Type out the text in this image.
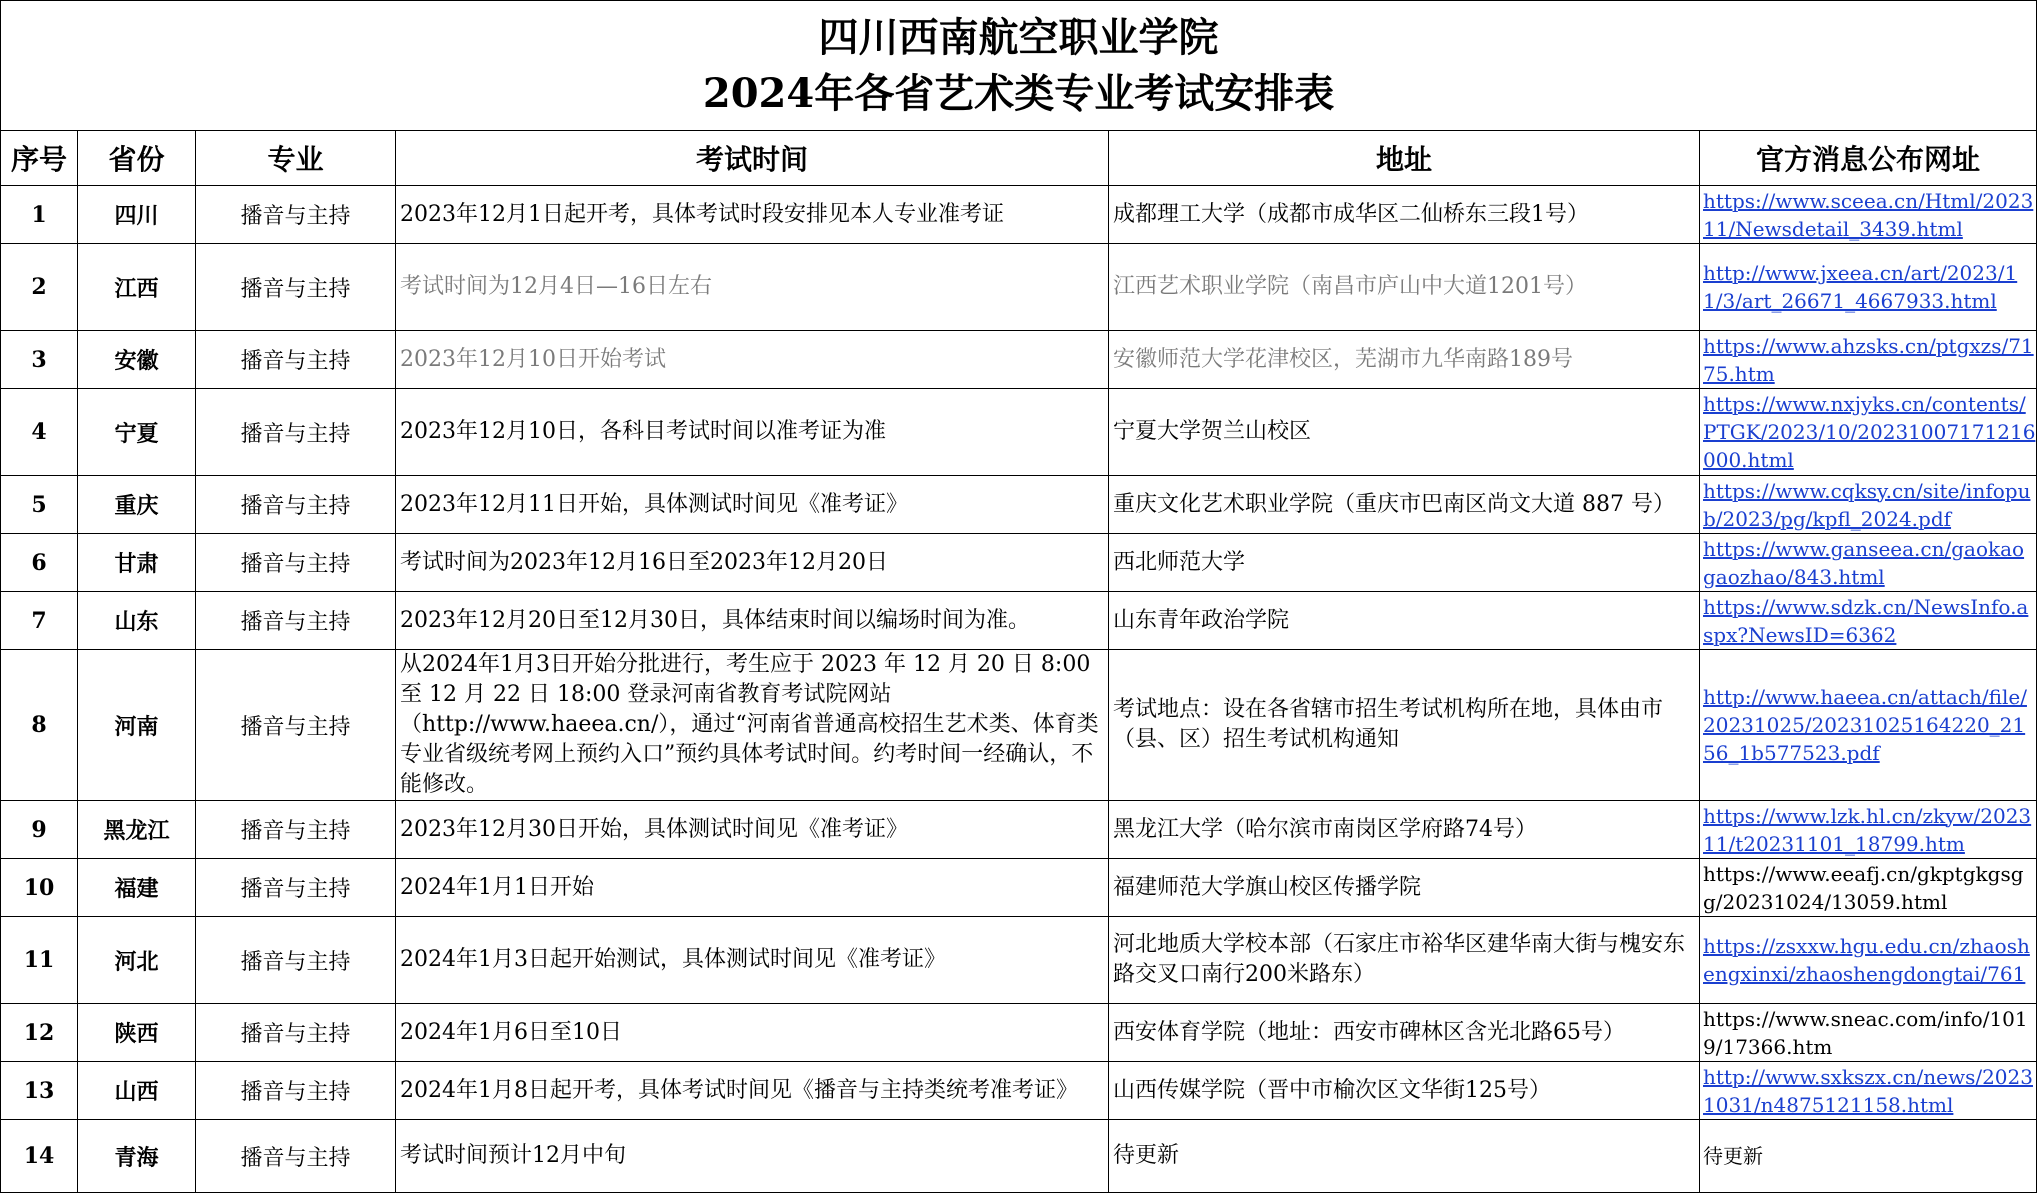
四川西南航空职业学院
2024年各省艺术类专业考试安排表					

序号	省份	专业	考试时间	地址	官方消息公布网址
1	四川	播音与主持	2023年12月1日起开考，具体考试时段安排见本人专业准考证	成都理工大学（成都市成华区二仙桥东三段1号）	https://www.sceea.cn/Html/202311/Newsdetail_3439.html
2	江西	播音与主持	考试时间为12月4日—16日左右	江西艺术职业学院（南昌市庐山中大道1201号）	http://www.jxeea.cn/art/2023/11/3/art_26671_4667933.html
3	安徽	播音与主持	2023年12月10日开始考试	安徽师范大学花津校区，芜湖市九华南路189号	https://www.ahzsks.cn/ptgxzs/7175.htm
4	宁夏	播音与主持	2023年12月10日，各科目考试时间以准考证为准	宁夏大学贺兰山校区	https://www.nxjyks.cn/contents/PTGK/2023/10/20231007171216000.html
5	重庆	播音与主持	2023年12月11日开始，具体测试时间见《准考证》	重庆文化艺术职业学院（重庆市巴南区尚文大道 887 号）	https://www.cqksy.cn/site/infopub/2023/pg/kpfl_2024.pdf
6	甘肃	播音与主持	考试时间为2023年12月16日至2023年12月20日	西北师范大学	https://www.ganseea.cn/gaokaogaozhao/843.html
7	山东	播音与主持	2023年12月20日至12月30日，具体结束时间以编场时间为准。	山东青年政治学院	https://www.sdzk.cn/NewsInfo.aspx?NewsID=6362
8	河南	播音与主持	从2024年1月3日开始分批进行，考生应于 2023 年 12 月 20 日 8:00 至 12 月 22 日 18:00 登录河南省教育考试院网站（http://www.haeea.cn/），通过“河南省普通高校招生艺术类、体育类专业省级统考网上预约入口”预约具体考试时间。约考时间一经确认，不能修改。	考试地点：设在各省辖市招生考试机构所在地，具体由市（县、区）招生考试机构通知	http://www.haeea.cn/attach/file/20231025/20231025164220_2156_1b577523.pdf
9	黑龙江	播音与主持	2023年12月30日开始，具体测试时间见《准考证》	黑龙江大学（哈尔滨市南岗区学府路74号）	https://www.lzk.hl.cn/zkyw/202311/t20231101_18799.htm
10	福建	播音与主持	2024年1月1日开始	福建师范大学旗山校区传播学院	https://www.eeafj.cn/gkptgkgsgg/20231024/13059.html
11	河北	播音与主持	2024年1月3日起开始测试，具体测试时间见《准考证》	河北地质大学校本部（石家庄市裕华区建华南大街与槐安东路交叉口南行200米路东）	https://zsxxw.hgu.edu.cn/zhaoshengxinxi/zhaoshengdongtai/761
12	陕西	播音与主持	2024年1月6日至10日	西安体育学院（地址：西安市碑林区含光北路65号）	https://www.sneac.com/info/1019/17366.htm
13	山西	播音与主持	2024年1月8日起开考，具体考试时间见《播音与主持类统考准考证》	山西传媒学院（晋中市榆次区文华街125号）	http://www.sxkszx.cn/news/20231031/n4875121158.html
14	青海	播音与主持	考试时间预计12月中旬	待更新	待更新
